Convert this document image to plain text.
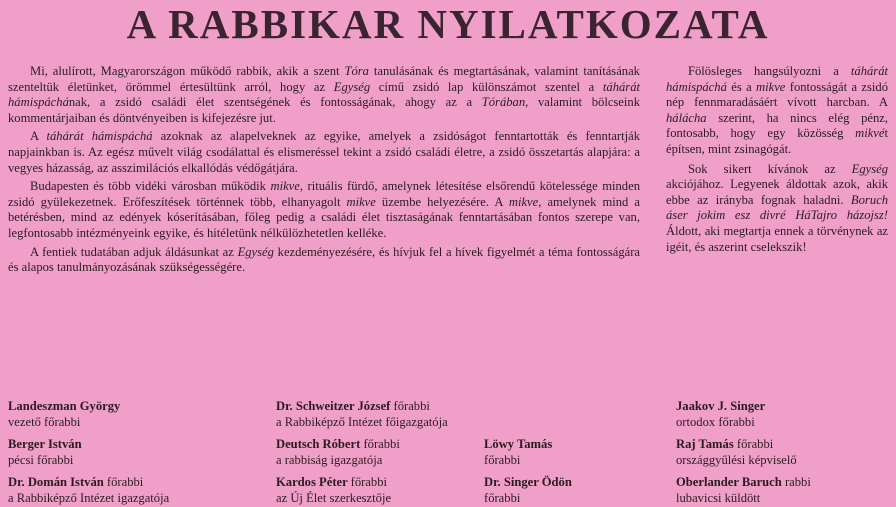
A RABBIKAR NYILATKOZATA

Mi, alulírott, Magyarországon működő rabbik, akik a szent Tóra tanulásának és megtartásának, valamint tanításának szenteltük életünket, örömmel értesültünk arról, hogy az Egység című zsidó lap különszámot szentel a táhárát hámispáchának, a zsidó családi élet szentségének és fontosságának, ahogy az a Tórában, valamint bölcseink kommentárjaiban és döntvényeiben is kifejezésre jut.

A táhárát hámispáchá azoknak az alapelveknek az egyike, amelyek a zsidóságot fenntartották és fenntartják napjainkban is. Az egész művelt világ csodálattal és elismeréssel tekint a zsidó családi életre, a zsidó összetartás alapjára: a vegyes házasság, az asszimilációs elkallódás védőgátjára.

Budapesten és több vidéki városban működik mikve, rituális fürdő, amelynek létesítése elsőrendű kötelessége minden zsidó gyülekezetnek. Erőfeszítések történnek több, elhanyagolt mikve üzembe helyezésére. A mikve, amelynek mind a betérésben, mind az edények kóserításában, főleg pedig a családi élet tisztaságának fenntartásában fontos szerepe van, legfontosabb intézményeink egyike, és hitéletünk nélkülözhetetlen kelléke.

A fentiek tudatában adjuk áldásunkat az Egység kezdeményezésére, és hívjuk fel a hívek figyelmét a téma fontosságára és alapos tanulmányozásának szükségességére.

Fölösleges hangsúlyozni a táhárát hámispáchá és a mikve fontosságát a zsidó nép fennmaradásáért vívott harcban. A hálácha szerint, ha nincs elég pénz, fontosabb, hogy egy közösség mikvét építsen, mint zsinagógát.

Sok sikert kívánok az Egység akciójához. Legyenek áldottak azok, akik ebbe az irányba fognak haladni. Boruch áser jokim esz divré HáTajro házojsz! Áldott, aki megtartja ennek a törvénynek az igéit, és aszerint cselekszik!

Landeszman György
vezető főrabbi
Berger István
pécsi főrabbi
Dr. Domán István főrabbi
a Rabbiképző Intézet igazgatója
Dr. Schweitzer József főrabbi
a Rabbiképző Intézet főigazgatója
Deutsch Róbert főrabbi
a rabbiság igazgatója
Kardos Péter főrabbi
az Új Élet szerkesztője
Löwy Tamás
főrabbi
Dr. Singer Ödön
főrabbi
Jaakov J. Singer
ortodox főrabbi
Raj Tamás főrabbi
országgyűlési képviselő
Oberlander Baruch rabbi
lubavicsi küldött
